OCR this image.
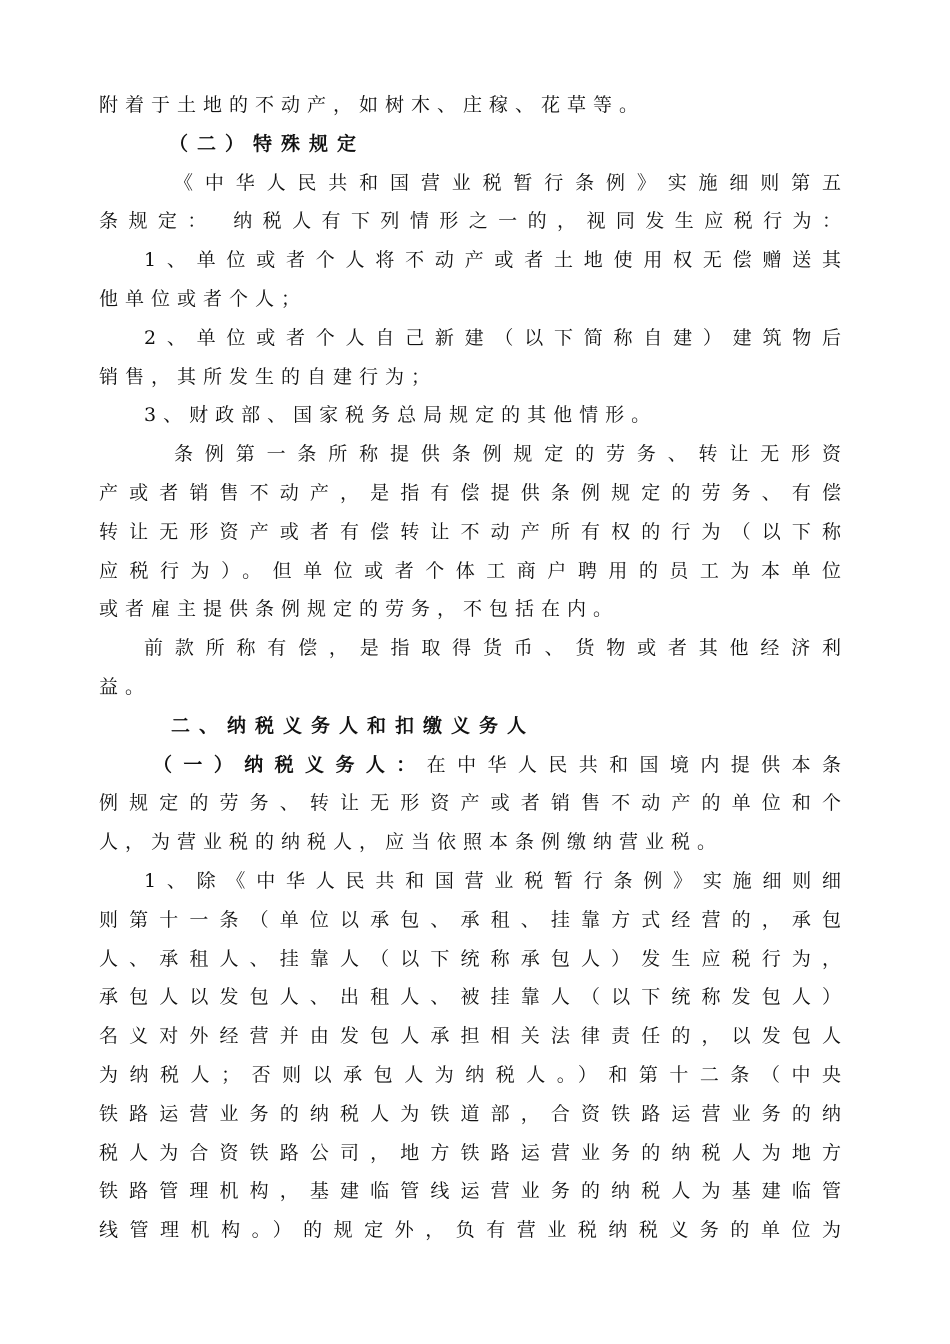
附着于土地的不动产，如树木、庄稼、花草等。
（二）特殊规定
《中华人民共和国营业税暂行条例》实施细则第五
条规定： 纳税人有下列情形之一的，视同发生应税行为：
1、单位或者个人将不动产或者土地使用权无偿赠送其
他单位或者个人；
2、单位或者个人自己新建（以下简称自建）建筑物后
销售，其所发生的自建行为；
3、财政部、国家税务总局规定的其他情形。
条例第一条所称提供条例规定的劳务、转让无形资
产或者销售不动产，是指有偿提供条例规定的劳务、有偿
转让无形资产或者有偿转让不动产所有权的行为（以下称
应税行为）。但单位或者个体工商户聘用的员工为本单位
或者雇主提供条例规定的劳务，不包括在内。
前款所称有偿，是指取得货币、货物或者其他经济利
益。
二、纳税义务人和扣缴义务人
（一）纳税义务人：在中华人民共和国境内提供本条
例规定的劳务、转让无形资产或者销售不动产的单位和个
人，为营业税的纳税人，应当依照本条例缴纳营业税。
1、除《中华人民共和国营业税暂行条例》实施细则细
则第十一条（单位以承包、承租、挂靠方式经营的，承包
人、承租人、挂靠人（以下统称承包人）发生应税行为，
承包人以发包人、出租人、被挂靠人（以下统称发包人）
名义对外经营并由发包人承担相关法律责任的，以发包人
为纳税人；否则以承包人为纳税人。）和第十二条（中央
铁路运营业务的纳税人为铁道部，合资铁路运营业务的纳
税人为合资铁路公司，地方铁路运营业务的纳税人为地方
铁路管理机构，基建临管线运营业务的纳税人为基建临管
线管理机构。）的规定外，负有营业税纳税义务的单位为
